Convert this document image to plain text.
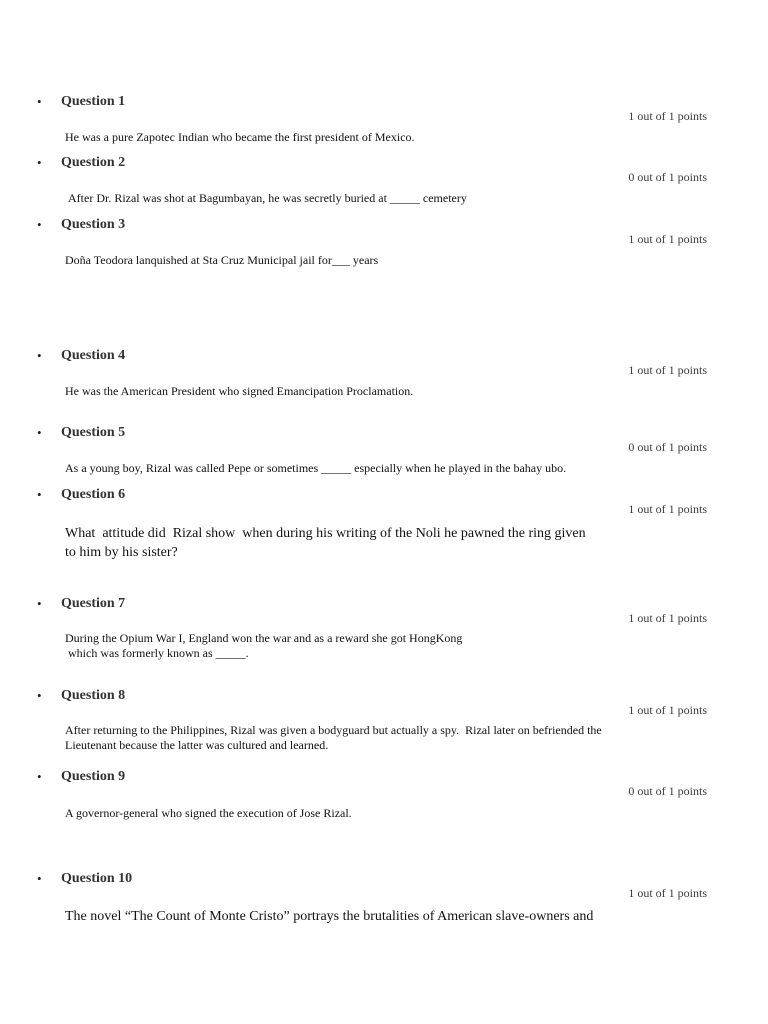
• Question 1
1 out of 1 points
He was a pure Zapotec Indian who became the first president of Mexico.
• Question 2
0 out of 1 points
After Dr. Rizal was shot at Bagumbayan, he was secretly buried at _____ cemetery
• Question 3
1 out of 1 points
Doña Teodora lanquished at Sta Cruz Municipal jail for___ years
• Question 4
1 out of 1 points
He was the American President who signed Emancipation Proclamation.
• Question 5
0 out of 1 points
As a young boy, Rizal was called Pepe or sometimes _____ especially when he played in the bahay ubo.
• Question 6
1 out of 1 points
What  attitude did  Rizal show  when during his writing of the Noli he pawned the ring given
to him by his sister?
• Question 7
1 out of 1 points
During the Opium War I, England won the war and as a reward she got HongKong
which was formerly known as _____.
• Question 8
1 out of 1 points
After returning to the Philippines, Rizal was given a bodyguard but actually a spy.  Rizal later on befriended the
Lieutenant because the latter was cultured and learned.
• Question 9
0 out of 1 points
A governor-general who signed the execution of Jose Rizal.
• Question 10
1 out of 1 points
The novel “The Count of Monte Cristo” portrays the brutalities of American slave-owners and
